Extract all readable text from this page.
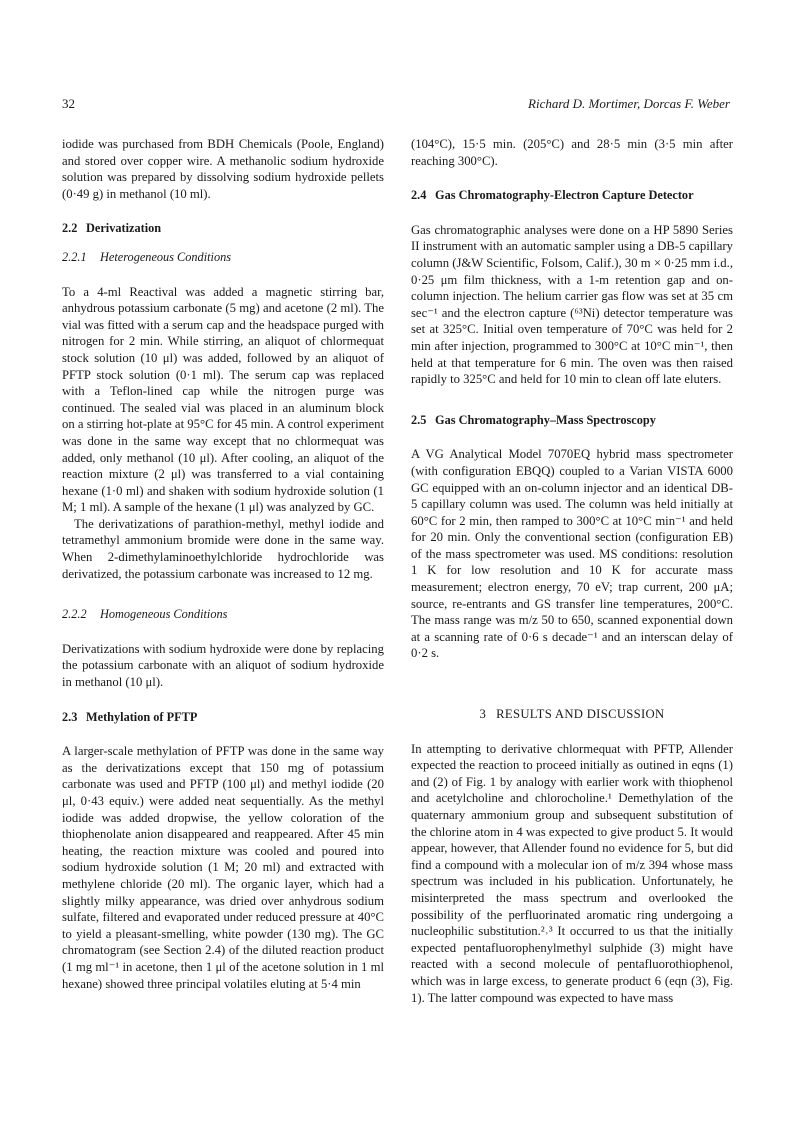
32	Richard D. Mortimer, Dorcas F. Weber

iodide was purchased from BDH Chemicals (Poole, England) and stored over copper wire. A methanolic sodium hydroxide solution was prepared by dissolving sodium hydroxide pellets (0·49 g) in methanol (10 ml).

2.2 Derivatization
2.2.1 Heterogeneous Conditions

To a 4-ml Reactival was added a magnetic stirring bar, anhydrous potassium carbonate (5 mg) and acetone (2 ml). The vial was fitted with a serum cap and the headspace purged with nitrogen for 2 min. While stirring, an aliquot of chlormequat stock solution (10 μl) was added, followed by an aliquot of PFTP stock solution (0·1 ml). The serum cap was replaced with a Teflon-lined cap while the nitrogen purge was continued. The sealed vial was placed in an aluminum block on a stirring hot-plate at 95°C for 45 min. A control experiment was done in the same way except that no chlormequat was added, only methanol (10 μl). After cooling, an aliquot of the reaction mixture (2 μl) was transferred to a vial containing hexane (1·0 ml) and shaken with sodium hydroxide solution (1 M; 1 ml). A sample of the hexane (1 μl) was analyzed by GC.

The derivatizations of parathion-methyl, methyl iodide and tetramethyl ammonium bromide were done in the same way. When 2-dimethylaminoethylchloride hydrochloride was derivatized, the potassium carbonate was increased to 12 mg.

2.2.2 Homogeneous Conditions

Derivatizations with sodium hydroxide were done by replacing the potassium carbonate with an aliquot of sodium hydroxide in methanol (10 μl).

2.3 Methylation of PFTP

A larger-scale methylation of PFTP was done in the same way as the derivatizations except that 150 mg of potassium carbonate was used and PFTP (100 μl) and methyl iodide (20 μl, 0·43 equiv.) were added neat sequentially. As the methyl iodide was added dropwise, the yellow coloration of the thiophenolate anion disappeared and reappeared. After 45 min heating, the reaction mixture was cooled and poured into sodium hydroxide solution (1 M; 20 ml) and extracted with methylene chloride (20 ml). The organic layer, which had a slightly milky appearance, was dried over anhydrous sodium sulfate, filtered and evaporated under reduced pressure at 40°C to yield a pleasant-smelling, white powder (130 mg). The GC chromatogram (see Section 2.4) of the diluted reaction product (1 mg ml⁻¹ in acetone, then 1 μl of the acetone solution in 1 ml hexane) showed three principal volatiles eluting at 5·4 min

(104°C), 15·5 min. (205°C) and 28·5 min (3·5 min after reaching 300°C).

2.4 Gas Chromatography-Electron Capture Detector

Gas chromatographic analyses were done on a HP 5890 Series II instrument with an automatic sampler using a DB-5 capillary column (J&W Scientific, Folsom, Calif.), 30 m × 0·25 mm i.d., 0·25 μm film thickness, with a 1-m retention gap and on-column injection. The helium carrier gas flow was set at 35 cm sec⁻¹ and the electron capture (⁶³Ni) detector temperature was set at 325°C. Initial oven temperature of 70°C was held for 2 min after injection, programmed to 300°C at 10°C min⁻¹, then held at that temperature for 6 min. The oven was then raised rapidly to 325°C and held for 10 min to clean off late eluters.

2.5 Gas Chromatography–Mass Spectroscopy

A VG Analytical Model 7070EQ hybrid mass spectrometer (with configuration EBQQ) coupled to a Varian VISTA 6000 GC equipped with an on-column injector and an identical DB-5 capillary column was used. The column was held initially at 60°C for 2 min, then ramped to 300°C at 10°C min⁻¹ and held for 20 min. Only the conventional section (configuration EB) of the mass spectrometer was used. MS conditions: resolution 1 K for low resolution and 10 K for accurate mass measurement; electron energy, 70 eV; trap current, 200 μA; source, re-entrants and GS transfer line temperatures, 200°C. The mass range was m/z 50 to 650, scanned exponential down at a scanning rate of 0·6 s decade⁻¹ and an interscan delay of 0·2 s.

3 RESULTS AND DISCUSSION

In attempting to derivative chlormequat with PFTP, Allender expected the reaction to proceed initially as outined in eqns (1) and (2) of Fig. 1 by analogy with earlier work with thiophenol and acetylcholine and chlorocholine.¹ Demethylation of the quaternary ammonium group and subsequent substitution of the chlorine atom in 4 was expected to give product 5. It would appear, however, that Allender found no evidence for 5, but did find a compound with a molecular ion of m/z 394 whose mass spectrum was included in his publication. Unfortunately, he misinterpreted the mass spectrum and overlooked the possibility of the perfluorinated aromatic ring undergoing a nucleophilic substitution.²˒³ It occurred to us that the initially expected pentafluorophenylmethyl sulphide (3) might have reacted with a second molecule of pentafluorothiophenol, which was in large excess, to generate product 6 (eqn (3), Fig. 1). The latter compound was expected to have mass
